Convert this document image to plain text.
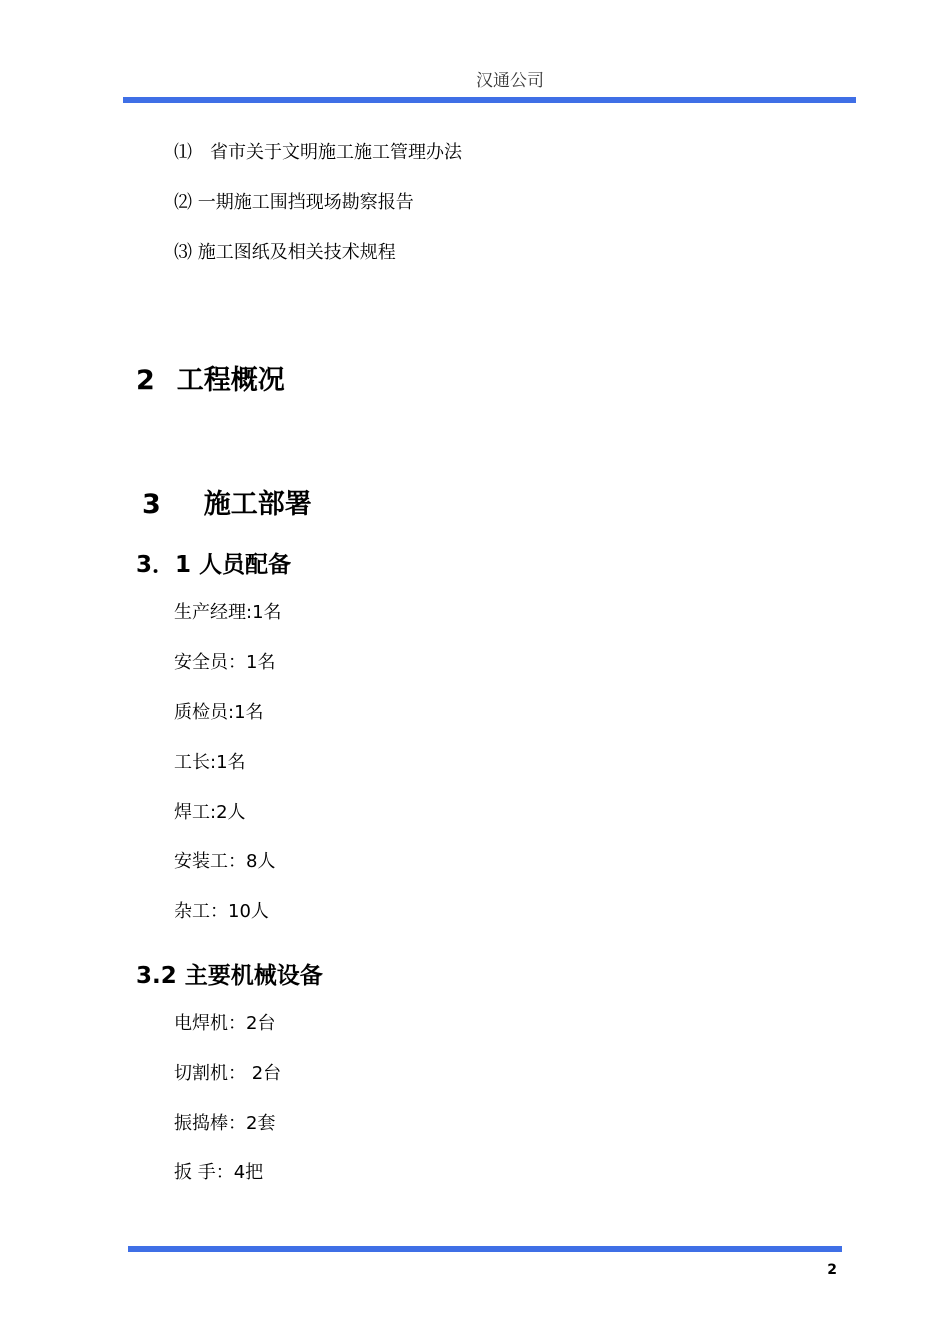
汉通公司
⑴　省市关于文明施工施工管理办法
⑵ 一期施工围挡现场勘察报告
⑶ 施工图纸及相关技术规程
2 工程概况
3 施工部署
3．1 人员配备
生产经理:1名
安全员：1名
质检员:1名
工长:1名
焊工:2人
安装工：8人
杂工：10人
3.2 主要机械设备
电焊机：2台
切割机： 2台
振捣棒：2套
扳 手：4把
2
